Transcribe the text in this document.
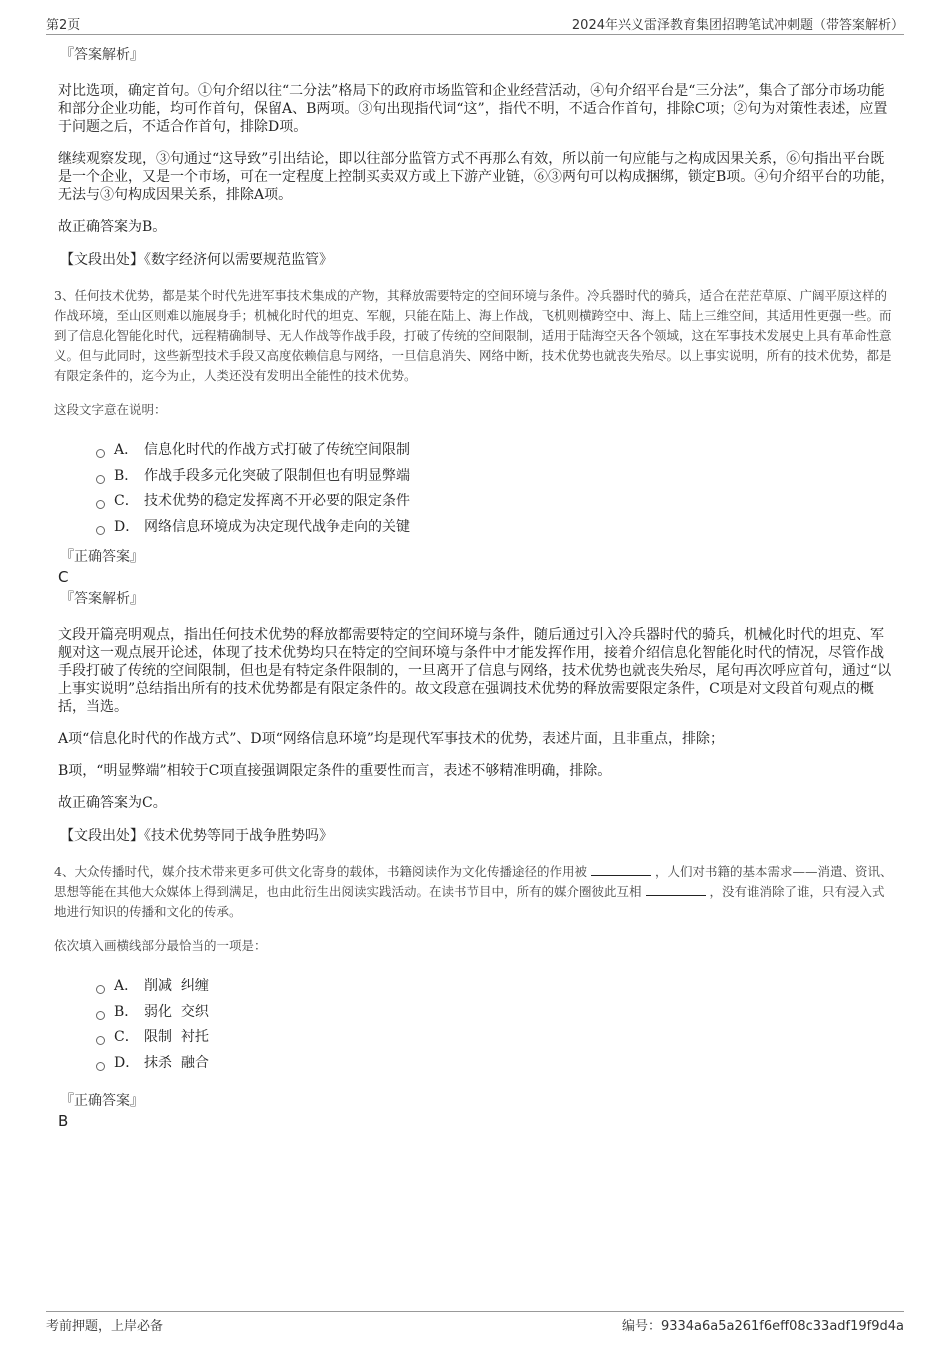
第2页	2024年兴义雷泽教育集团招聘笔试冲刺题（带答案解析）
『答案解析』

对比选项，确定首句。①句介绍以往“二分法”格局下的政府市场监管和企业经营活动，④句介绍平台是“三分法”，集合了部分市场功能和部分企业功能，均可作首句，保留A、B两项。③句出现指代词“这”，指代不明，不适合作首句，排除C项；②句为对策性表述，应置于问题之后，不适合作首句，排除D项。

继续观察发现，③句通过“这导致”引出结论，即以往部分监管方式不再那么有效，所以前一句应能与之构成因果关系，⑥句指出平台既是一个企业，又是一个市场，可在一定程度上控制买卖双方或上下游产业链，⑥③两句可以构成捆绑，锁定B项。④句介绍平台的功能，无法与③句构成因果关系，排除A项。

故正确答案为B。

【文段出处】《数字经济何以需要规范监管》
3、任何技术优势，都是某个时代先进军事技术集成的产物，其释放需要特定的空间环境与条件。冷兵器时代的骑兵，适合在茫茫草原、广阔平原这样的作战环境，至山区则难以施展身手；机械化时代的坦克、军舰，只能在陆上、海上作战，飞机则横跨空中、海上、陆上三维空间，其适用性更强一些。而到了信息化智能化时代，远程精确制导、无人作战等作战手段，打破了传统的空间限制，适用于陆海空天各个领域，这在军事技术发展史上具有革命性意义。但与此同时，这些新型技术手段又高度依赖信息与网络，一旦信息消失、网络中断，技术优势也就丧失殆尽。以上事实说明，所有的技术优势，都是有限定条件的，迄今为止，人类还没有发明出全能性的技术优势。
这段文字意在说明：
A． 信息化时代的作战方式打破了传统空间限制
B． 作战手段多元化突破了限制但也有明显弊端
C． 技术优势的稳定发挥离不开必要的限定条件
D． 网络信息环境成为决定现代战争走向的关键
『正确答案』
C
『答案解析』

文段开篇亮明观点，指出任何技术优势的释放都需要特定的空间环境与条件，随后通过引入冷兵器时代的骑兵，机械化时代的坦克、军舰对这一观点展开论述，体现了技术优势均只在特定的空间环境与条件中才能发挥作用，接着介绍信息化智能化时代的情况，尽管作战手段打破了传统的空间限制，但也是有特定条件限制的，一旦离开了信息与网络，技术优势也就丧失殆尽，尾句再次呼应首句，通过“以上事实说明”总结指出所有的技术优势都是有限定条件的。故文段意在强调技术优势的释放需要限定条件，C项是对文段首句观点的概括，当选。

A项“信息化时代的作战方式”、D项“网络信息环境”均是现代军事技术的优势，表述片面，且非重点，排除；

B项，“明显弊端”相较于C项直接强调限定条件的重要性而言，表述不够精准明确，排除。

故正确答案为C。

【文段出处】《技术优势等同于战争胜势吗》
4、大众传播时代，媒介技术带来更多可供文化寄身的载体，书籍阅读作为文化传播途径的作用被	，人们对书籍的基本需求——消遣、资讯、思想等能在其他大众媒体上得到满足，也由此衍生出阅读实践活动。在读书节目中，所有的媒介圈彼此互相	，没有谁消除了谁，只有浸入式地进行知识的传播和文化的传承。
依次填入画横线部分最恰当的一项是：
A． 削减  纠缠
B． 弱化  交织
C． 限制  衬托
D． 抹杀  融合
『正确答案』
B
考前押题，上岸必备	编号：9334a6a5a261f6eff08c33adf19f9d4a
